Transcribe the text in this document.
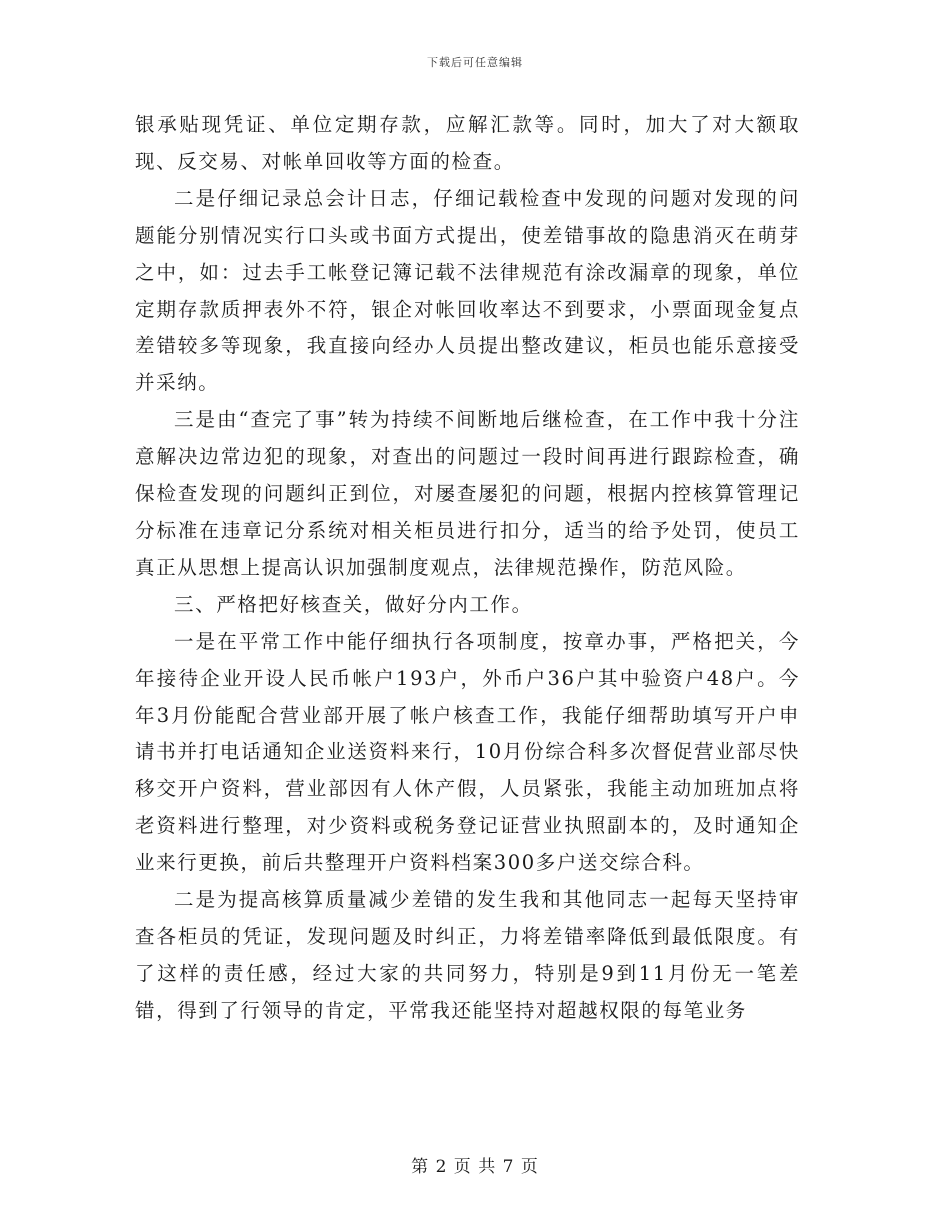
下载后可任意编辑

银承贴现凭证、单位定期存款，应解汇款等。同时，加大了对大额取现、反交易、对帐单回收等方面的检查。

二是仔细记录总会计日志，仔细记载检查中发现的问题对发现的问题能分别情况实行口头或书面方式提出，使差错事故的隐患消灭在萌芽之中，如：过去手工帐登记簿记载不法律规范有涂改漏章的现象，单位定期存款质押表外不符，银企对帐回收率达不到要求，小票面现金复点差错较多等现象，我直接向经办人员提出整改建议，柜员也能乐意接受并采纳。

三是由“查完了事”转为持续不间断地后继检查，在工作中我十分注意解决边常边犯的现象，对查出的问题过一段时间再进行跟踪检查，确保检查发现的问题纠正到位，对屡查屡犯的问题，根据内控核算管理记分标准在违章记分系统对相关柜员进行扣分，适当的给予处罚，使员工真正从思想上提高认识加强制度观点，法律规范操作，防范风险。

三、严格把好核查关，做好分内工作。

一是在平常工作中能仔细执行各项制度，按章办事，严格把关，今年接待企业开设人民币帐户193户，外币户36户其中验资户48户。今年3月份能配合营业部开展了帐户核查工作，我能仔细帮助填写开户申请书并打电话通知企业送资料来行，10月份综合科多次督促营业部尽快移交开户资料，营业部因有人休产假，人员紧张，我能主动加班加点将老资料进行整理，对少资料或税务登记证营业执照副本的，及时通知企业来行更换，前后共整理开户资料档案300多户送交综合科。

二是为提高核算质量减少差错的发生我和其他同志一起每天坚持审查各柜员的凭证，发现问题及时纠正，力将差错率降低到最低限度。有了这样的责任感，经过大家的共同努力，特别是9到11月份无一笔差错，得到了行领导的肯定，平常我还能坚持对超越权限的每笔业务

第 2 页 共 7 页
